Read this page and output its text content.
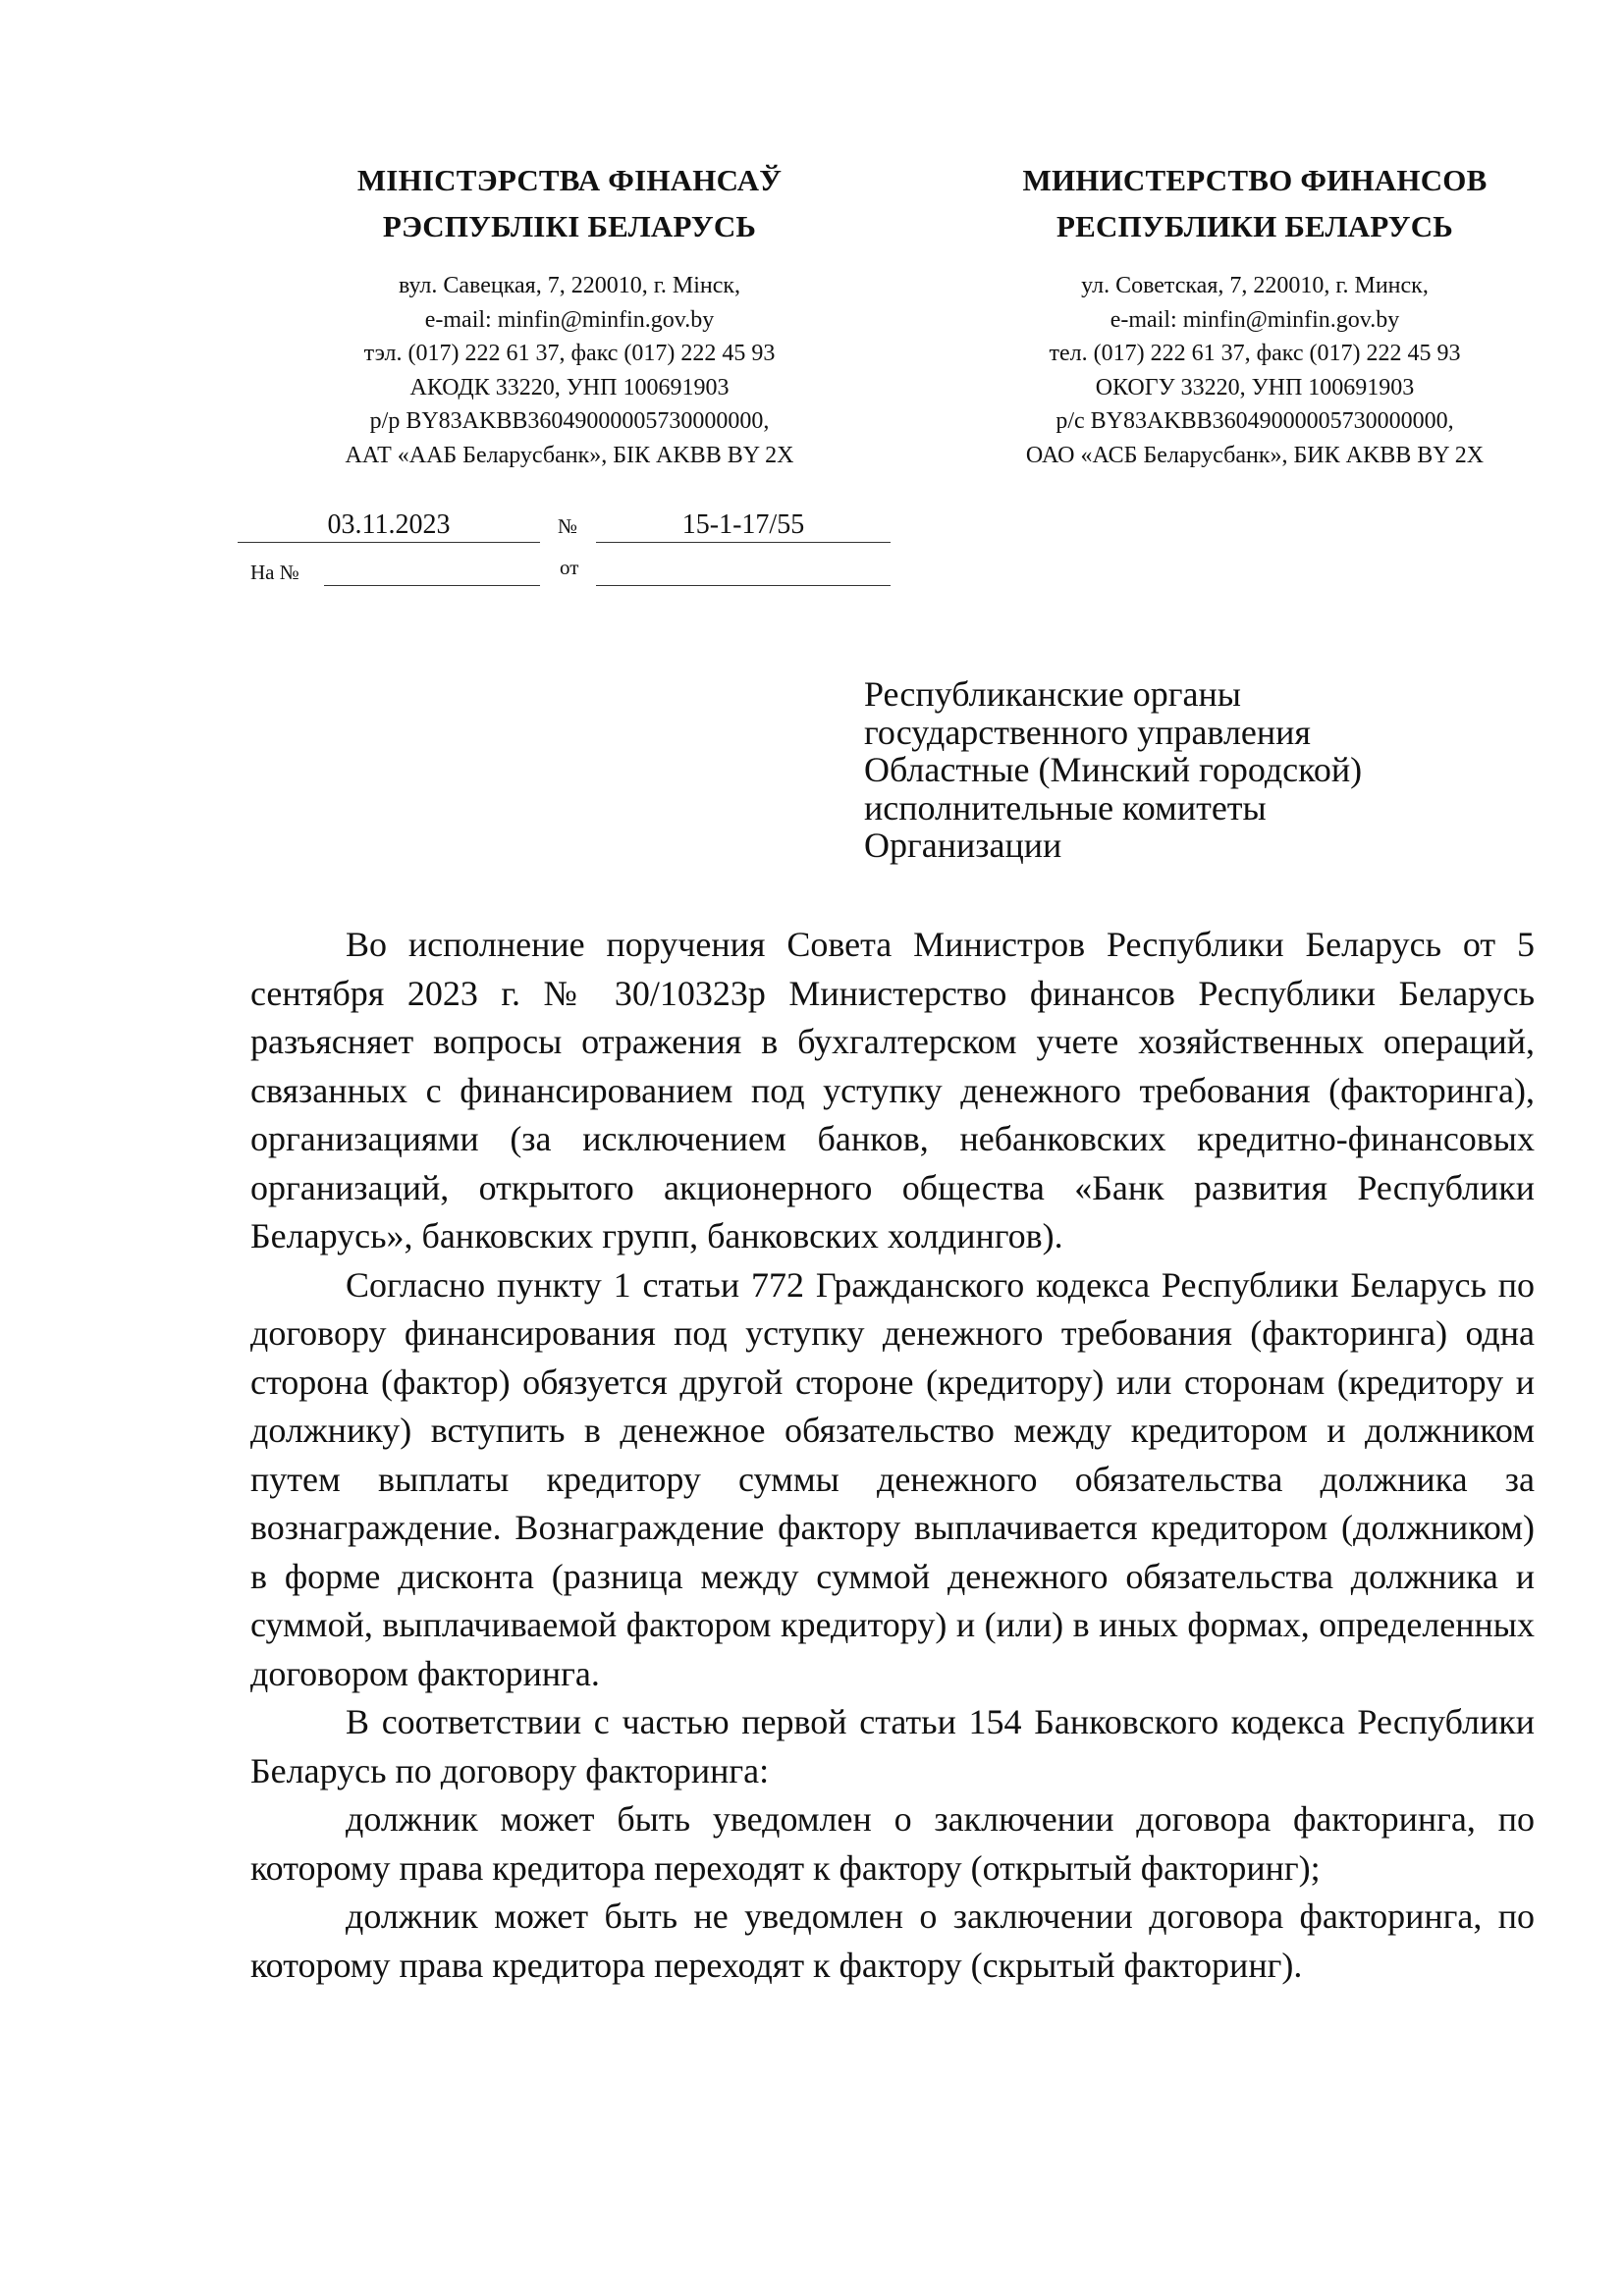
МІНІСТЭРСТВА ФІНАНСАЎ
РЭСПУБЛІКІ БЕЛАРУСЬ
вул. Савецкая, 7, 220010, г. Мінск,
e-mail: minfin@minfin.gov.by
тэл. (017) 222 61 37, факс (017) 222 45 93
АКОДК 33220, УНП 100691903
р/р BY83AKBB36049000005730000000,
ААТ «ААБ Беларусбанк», БІК AKBB BY 2X
МИНИСТЕРСТВО ФИНАНСОВ
РЕСПУБЛИКИ БЕЛАРУСЬ
ул. Советская, 7, 220010, г. Минск,
e-mail: minfin@minfin.gov.by
тел. (017) 222 61 37, факс (017) 222 45 93
ОКОГУ 33220, УНП 100691903
р/с BY83AKBB36049000005730000000,
ОАО «АСБ Беларусбанк», БИК AKBB BY 2X
03.11.2023	№	15-1-17/55
На №	от
Республиканские органы
государственного управления
Областные (Минский городской)
исполнительные комитеты
Организации

Во исполнение поручения Совета Министров Республики Беларусь от 5 сентября 2023 г. № 30/10323р Министерство финансов Республики Беларусь разъясняет вопросы отражения в бухгалтерском учете хозяйственных операций, связанных с финансированием под уступку денежного требования (факторинга), организациями (за исключением банков, небанковских кредитно-финансовых организаций, открытого акционерного общества «Банк развития Республики Беларусь», банковских групп, банковских холдингов).

Согласно пункту 1 статьи 772 Гражданского кодекса Республики Беларусь по договору финансирования под уступку денежного требования (факторинга) одна сторона (фактор) обязуется другой стороне (кредитору) или сторонам (кредитору и должнику) вступить в денежное обязательство между кредитором и должником путем выплаты кредитору суммы денежного обязательства должника за вознаграждение. Вознаграждение фактору выплачивается кредитором (должником) в форме дисконта (разница между суммой денежного обязательства должника и суммой, выплачиваемой фактором кредитору) и (или) в иных формах, определенных договором факторинга.

В соответствии с частью первой статьи 154 Банковского кодекса Республики Беларусь по договору факторинга:

должник может быть уведомлен о заключении договора факторинга, по которому права кредитора переходят к фактору (открытый факторинг);

должник может быть не уведомлен о заключении договора факторинга, по которому права кредитора переходят к фактору (скрытый факторинг).
